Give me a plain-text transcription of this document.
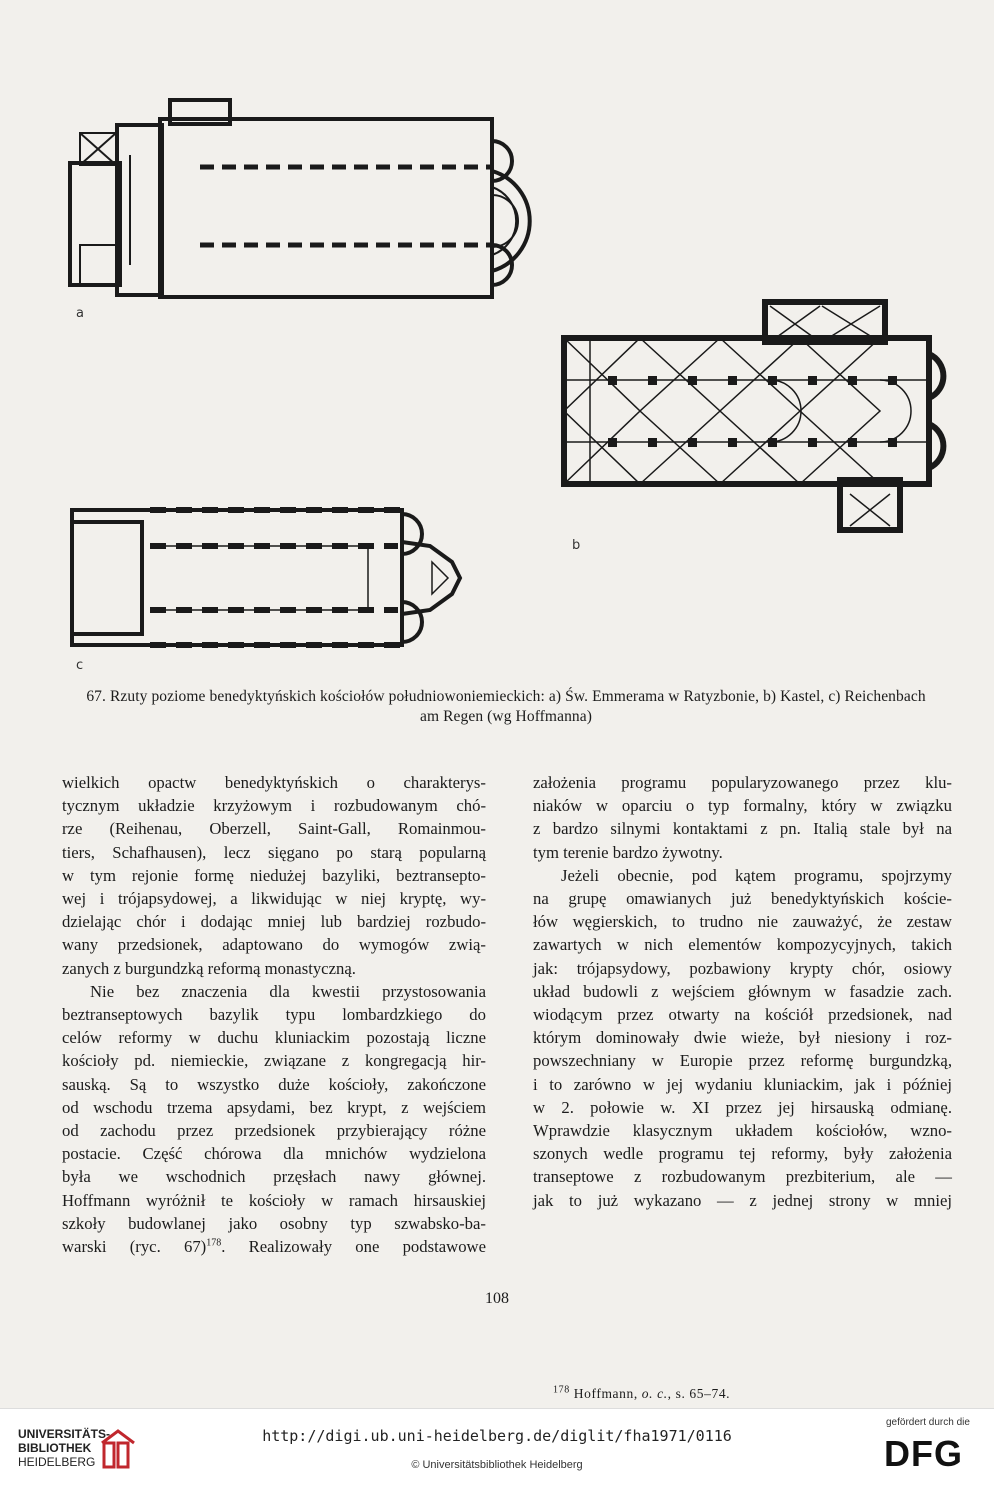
a
b
c
67. Rzuty poziome benedyktyńskich kościołów południowoniemieckich: a) Św. Emmerama w Ratyzbonie, b) Kastel, c) Reichenbach
am Regen (wg Hoffmanna)

wielkich opactw benedyktyńskich o charakterys-

tycznym układzie krzyżowym i rozbudowanym chó-

rze (Reihenau, Oberzell, Saint-Gall, Romainmou-

tiers, Schafhausen), lecz sięgano po starą popularną

w tym rejonie formę niedużej bazyliki, beztransepto-

wej i trójapsydowej, a likwidując w niej kryptę, wy-

dzielając chór i dodając mniej lub bardziej rozbudo-

wany przedsionek, adaptowano do wymogów zwią-

zanych z burgundzką reformą monastyczną.

Nie bez znaczenia dla kwestii przystosowania

beztranseptowych bazylik typu lombardzkiego do

celów reformy w duchu kluniackim pozostają liczne

kościoły pd. niemieckie, związane z kongregacją hir-

sauską. Są to wszystko duże kościoły, zakończone

od wschodu trzema apsydami, bez krypt, z wejściem

od zachodu przez przedsionek przybierający różne

postacie. Część chórowa dla mnichów wydzielona

była we wschodnich przęsłach nawy głównej.

Hoffmann wyróżnił te kościoły w ramach hirsauskiej

szkoły budowlanej jako osobny typ szwabsko-ba-

warski (ryc. 67)$^{178}$. Realizowały one podstawowe

założenia programu popularyzowanego przez klu-

niaków w oparciu o typ formalny, który w związku

z bardzo silnymi kontaktami z pn. Italią stale był na

tym terenie bardzo żywotny.

Jeżeli obecnie, pod kątem programu, spojrzymy

na grupę omawianych już benedyktyńskich koście-

łów węgierskich, to trudno nie zauważyć, że zestaw

zawartych w nich elementów kompozycyjnych, takich

jak: trójapsydowy, pozbawiony krypty chór, osiowy

układ budowli z wejściem głównym w fasadzie zach.

wiodącym przez otwarty na kościół przedsionek, nad

którym dominowały dwie wieże, był niesiony i roz-

powszechniany w Europie przez reformę burgundzką,

i to zarówno w jej wydaniu kluniackim, jak i później

w 2. połowie w. XI przez jej hirsauską odmianę.

Wprawdzie klasycznym układem kościołów, wzno-

szonych wedle programu tej reformy, były założenia

transeptowe z rozbudowanym prezbiterium, ale —

jak to już wykazano — z jednej strony w mniej

$^{178}$ Hoffmann, o. c., s. 65–74.
108
UNIVERSITÄTS-
BIBLIOTHEK
HEIDELBERG
http://digi.ub.uni-heidelberg.de/diglit/fha1971/0116
© Universitätsbibliothek Heidelberg
gefördert durch die
DFG
